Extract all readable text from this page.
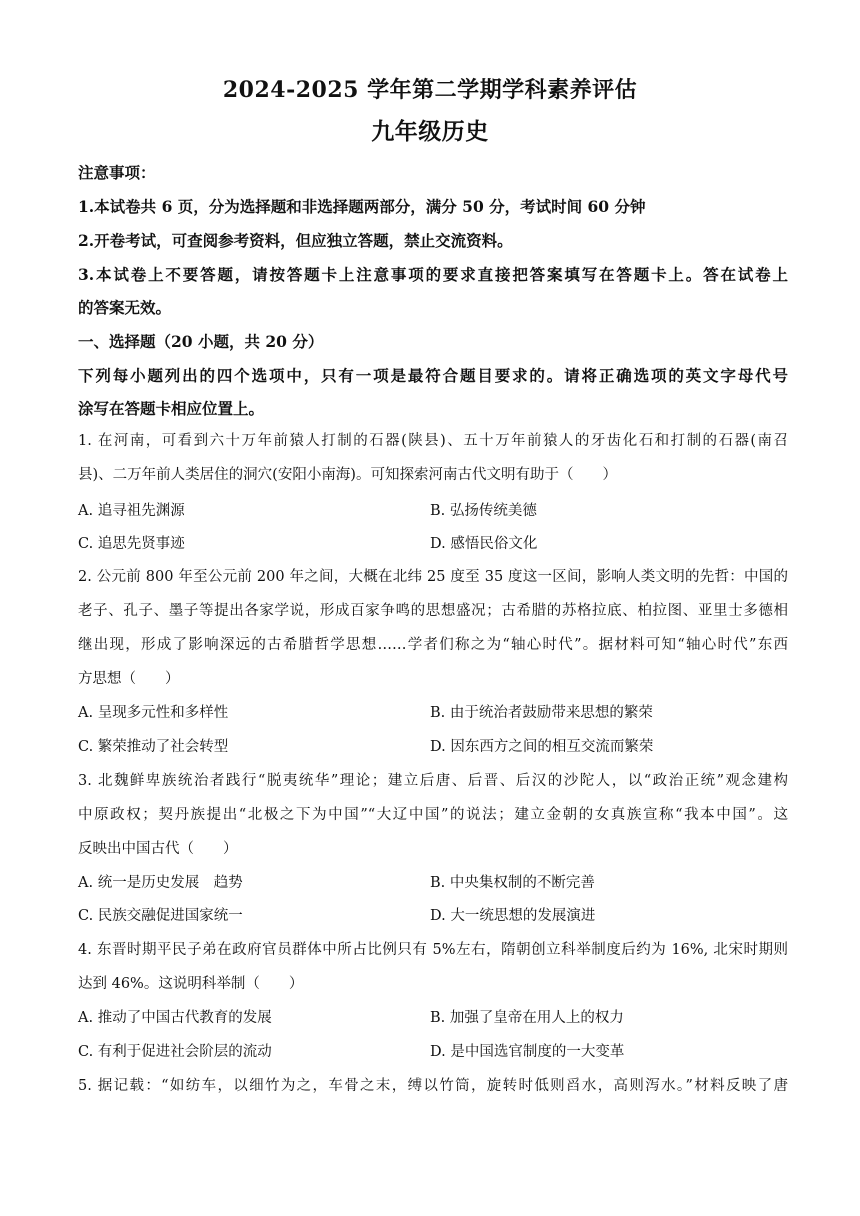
2024-2025 学年第二学期学科素养评估
九年级历史
注意事项：
1.本试卷共 6 页，分为选择题和非选择题两部分，满分 50 分，考试时间 60 分钟
2.开卷考试，可查阅参考资料，但应独立答题，禁止交流资料。
3.本试卷上不要答题，请按答题卡上注意事项的要求直接把答案填写在答题卡上。答在试卷上
的答案无效。
一、选择题（20 小题，共 20 分）
下列每小题列出的四个选项中，只有一项是最符合题目要求的。请将正确选项的英文字母代号
涂写在答题卡相应位置上。
1. 在河南，可看到六十万年前猿人打制的石器(陕县)、五十万年前猿人的牙齿化石和打制的石器(南召
县)、二万年前人类居住的洞穴(安阳小南海)。可知探索河南古代文明有助于（　　）
A. 追寻祖先渊源	B. 弘扬传统美德
C. 追思先贤事迹	D. 感悟民俗文化
2. 公元前 800 年至公元前 200 年之间，大概在北纬 25 度至 35 度这一区间，影响人类文明的先哲：中国的
老子、孔子、墨子等提出各家学说，形成百家争鸣的思想盛况；古希腊的苏格拉底、柏拉图、亚里士多德相
继出现，形成了影响深远的古希腊哲学思想……学者们称之为“轴心时代”。据材料可知“轴心时代”东西
方思想（　　）
A. 呈现多元性和多样性	B. 由于统治者鼓励带来思想的繁荣
C. 繁荣推动了社会转型	D. 因东西方之间的相互交流而繁荣
3. 北魏鲜卑族统治者践行“脱夷统华”理论；建立后唐、后晋、后汉的沙陀人，以“政治正统”观念建构
中原政权；契丹族提出“北极之下为中国”“大辽中国”的说法；建立金朝的女真族宣称“我本中国”。这
反映出中国古代（　　）
A. 统一是历史发展　趋势	B. 中央集权制的不断完善
C. 民族交融促进国家统一	D. 大一统思想的发展演进
4. 东晋时期平民子弟在政府官员群体中所占比例只有 5%左右，隋朝创立科举制度后约为 16%, 北宋时期则
达到 46%。这说明科举制（　　）
A. 推动了中国古代教育的发展	B. 加强了皇帝在用人上的权力
C. 有利于促进社会阶层的流动	D. 是中国选官制度的一大变革
5. 据记载：“如纺车，以细竹为之，车骨之末，缚以竹筒，旋转时低则舀水，高则泻水。”材料反映了唐
